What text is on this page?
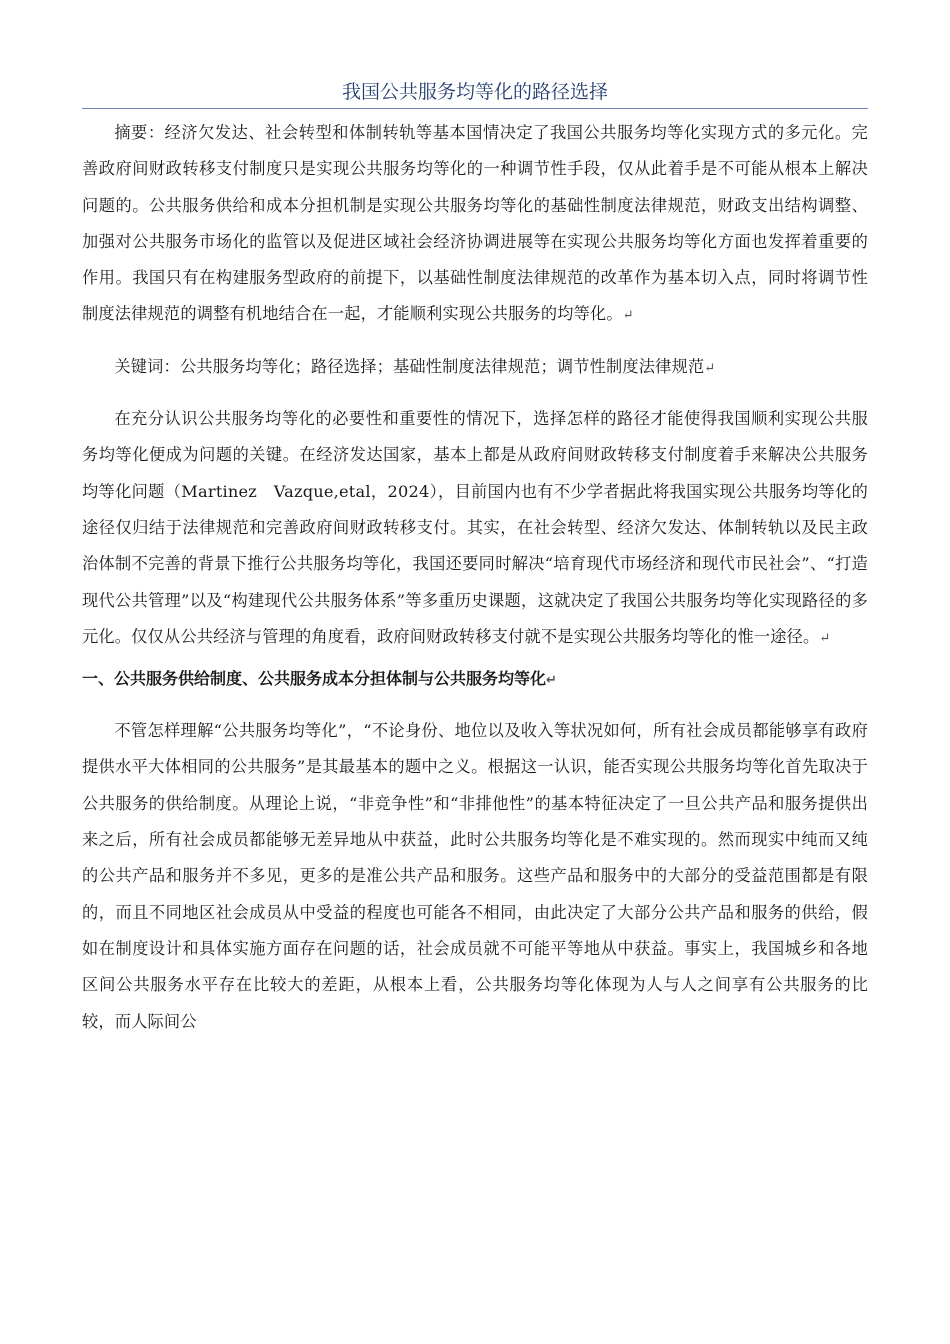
我国公共服务均等化的路径选择

摘要：经济欠发达、社会转型和体制转轨等基本国情决定了我国公共服务均等化实现方式的多元化。完善政府间财政转移支付制度只是实现公共服务均等化的一种调节性手段，仅从此着手是不可能从根本上解决问题的。公共服务供给和成本分担机制是实现公共服务均等化的基础性制度法律规范，财政支出结构调整、加强对公共服务市场化的监管以及促进区域社会经济协调进展等在实现公共服务均等化方面也发挥着重要的作用。我国只有在构建服务型政府的前提下，以基础性制度法律规范的改革作为基本切入点，同时将调节性制度法律规范的调整有机地结合在一起，才能顺利实现公共服务的均等化。↵

关键词：公共服务均等化；路径选择；基础性制度法律规范；调节性制度法律规范↵

在充分认识公共服务均等化的必要性和重要性的情况下，选择怎样的路径才能使得我国顺利实现公共服务均等化便成为问题的关键。在经济发达国家，基本上都是从政府间财政转移支付制度着手来解决公共服务均等化问题（Martinez　Vazque,etal，2024），目前国内也有不少学者据此将我国实现公共服务均等化的途径仅归结于法律规范和完善政府间财政转移支付。其实，在社会转型、经济欠发达、体制转轨以及民主政治体制不完善的背景下推行公共服务均等化，我国还要同时解决“培育现代市场经济和现代市民社会”、“打造现代公共管理”以及“构建现代公共服务体系”等多重历史课题，这就决定了我国公共服务均等化实现路径的多元化。仅仅从公共经济与管理的角度看，政府间财政转移支付就不是实现公共服务均等化的惟一途径。↵

一、公共服务供给制度、公共服务成本分担体制与公共服务均等化↵

不管怎样理解“公共服务均等化”，“不论身份、地位以及收入等状况如何，所有社会成员都能够享有政府提供水平大体相同的公共服务”是其最基本的题中之义。根据这一认识，能否实现公共服务均等化首先取决于公共服务的供给制度。从理论上说，“非竞争性”和“非排他性”的基本特征决定了一旦公共产品和服务提供出来之后，所有社会成员都能够无差异地从中获益，此时公共服务均等化是不难实现的。然而现实中纯而又纯的公共产品和服务并不多见，更多的是准公共产品和服务。这些产品和服务中的大部分的受益范围都是有限的，而且不同地区社会成员从中受益的程度也可能各不相同，由此决定了大部分公共产品和服务的供给，假如在制度设计和具体实施方面存在问题的话，社会成员就不可能平等地从中获益。事实上，我国城乡和各地区间公共服务水平存在比较大的差距，从根本上看，公共服务均等化体现为人与人之间享有公共服务的比较，而人际间公
